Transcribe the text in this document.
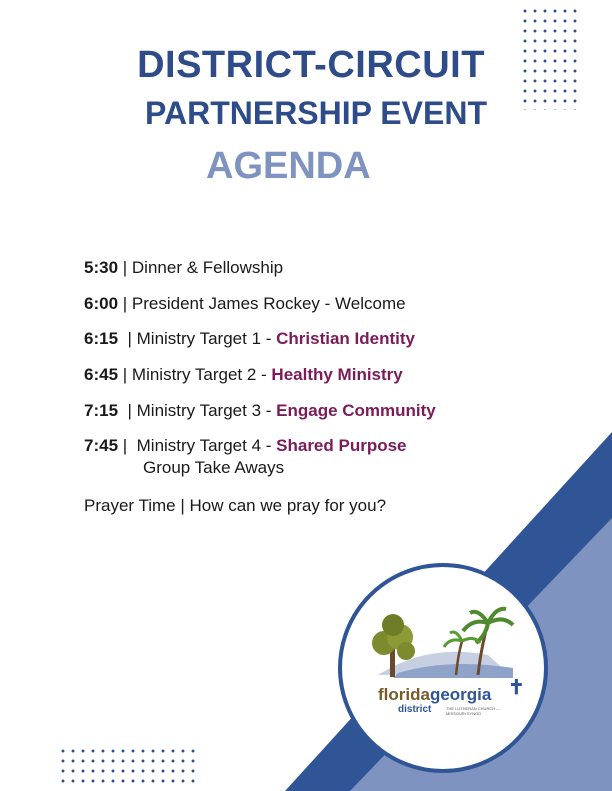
DISTRICT-CIRCUIT
PARTNERSHIP EVENT
AGENDA
5:30 | Dinner & Fellowship
6:00 | President James Rockey - Welcome
6:15  | Ministry Target 1 - Christian Identity
6:45 | Ministry Target 2 - Healthy Ministry
7:15  | Ministry Target 3 - Engage Community
7:45 |  Ministry Target 4 - Shared Purpose
Group Take Aways
Prayer Time | How can we pray for you?
floridageorgia
district	THE LUTHERAN CHURCH — MISSOURI SYNOD
✝
